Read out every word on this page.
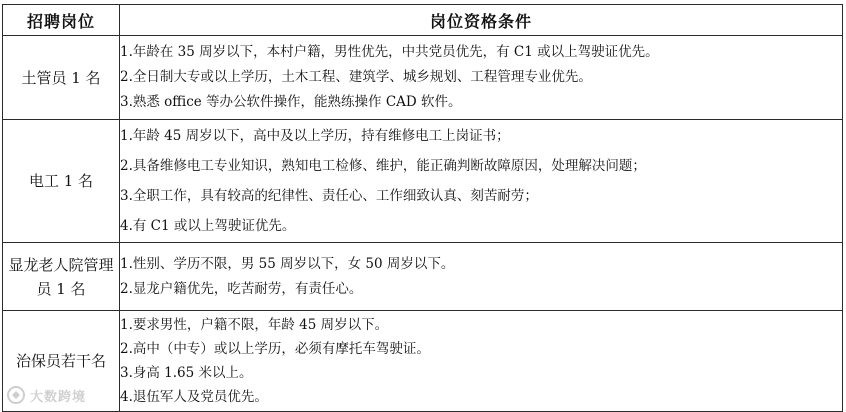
招聘岗位	岗位资格条件
土管员 1 名	1.年龄在 35 周岁以下，本村户籍，男性优先，中共党员优先，有 C1 或以上驾驶证优先。
2.全日制大专或以上学历，土木工程、建筑学、城乡规划、工程管理专业优先。
3.熟悉 office 等办公软件操作，能熟练操作 CAD 软件。

电工 1 名	1.年龄 45 周岁以下，高中及以上学历，持有维修电工上岗证书；
2.具备维修电工专业知识，熟知电工检修、维护，能正确判断故障原因，处理解决问题；
3.全职工作，具有较高的纪律性、责任心、工作细致认真、刻苦耐劳；
4.有 C1 或以上驾驶证优先。

显龙老人院管理员 1 名	1.性别、学历不限，男 55 周岁以下，女 50 周岁以下。
2.显龙户籍优先，吃苦耐劳，有责任心。

治保员若干名	1.要求男性，户籍不限，年龄 45 周岁以下。
2.高中（中专）或以上学历，必须有摩托车驾驶证。
3.身高 1.65 米以上。
4.退伍军人及党员优先。
大数跨境
